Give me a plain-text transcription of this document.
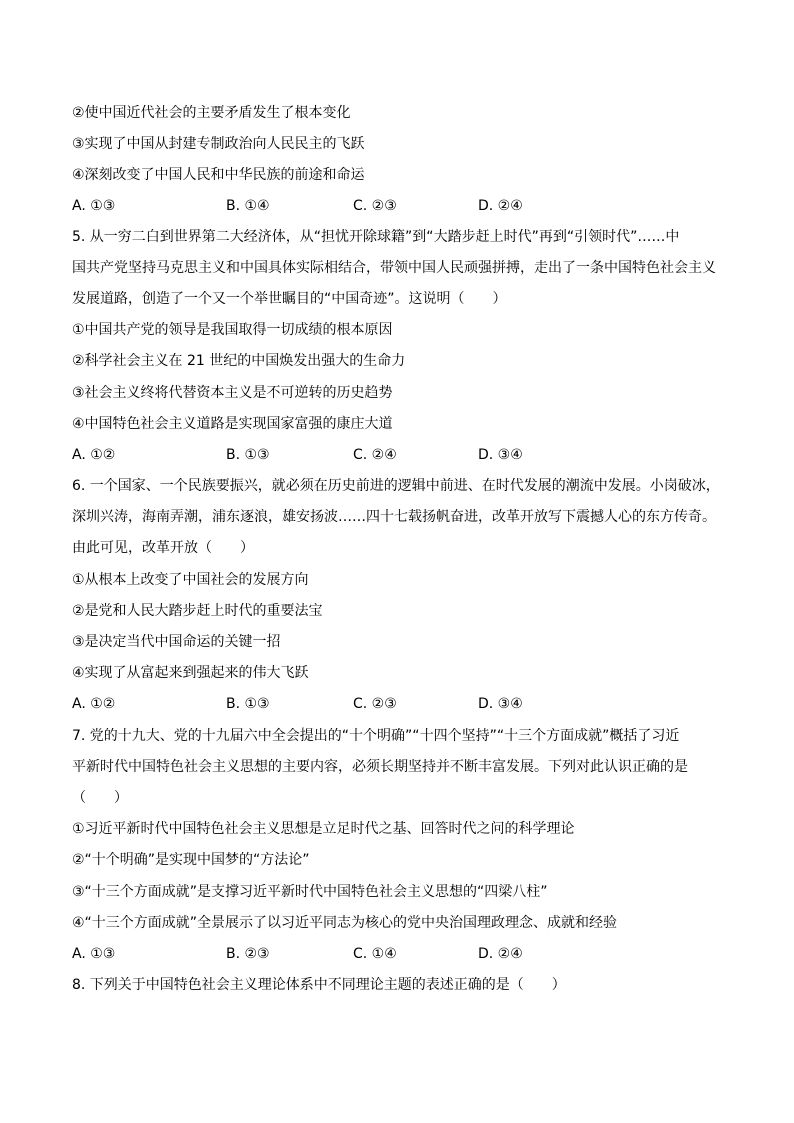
②使中国近代社会的主要矛盾发生了根本变化
③实现了中国从封建专制政治向人民民主的飞跃
④深刻改变了中国人民和中华民族的前途和命运
A. ①③	B. ①④	C. ②③	D. ②④
5. 从一穷二白到世界第二大经济体，从“担忧开除球籍”到“大踏步赶上时代”再到“引领时代”……中
国共产党坚持马克思主义和中国具体实际相结合，带领中国人民顽强拼搏，走出了一条中国特色社会主义
发展道路，创造了一个又一个举世瞩目的“中国奇迹”。这说明（　　）
①中国共产党的领导是我国取得一切成绩的根本原因
②科学社会主义在 21 世纪的中国焕发出强大的生命力
③社会主义终将代替资本主义是不可逆转的历史趋势
④中国特色社会主义道路是实现国家富强的康庄大道
A. ①②	B. ①③	C. ②④	D. ③④
6. 一个国家、一个民族要振兴，就必须在历史前进的逻辑中前进、在时代发展的潮流中发展。小岗破冰，
深圳兴涛，海南弄潮，浦东逐浪，雄安扬波……四十七载扬帆奋进，改革开放写下震撼人心的东方传奇。
由此可见，改革开放（　　）
①从根本上改变了中国社会的发展方向
②是党和人民大踏步赶上时代的重要法宝
③是决定当代中国命运的关键一招
④实现了从富起来到强起来的伟大飞跃
A. ①②	B. ①③	C. ②③	D. ③④
7. 党的十九大、党的十九届六中全会提出的“十个明确”“十四个坚持”“十三个方面成就”概括了习近
平新时代中国特色社会主义思想的主要内容，必须长期坚持并不断丰富发展。下列对此认识正确的是
（　　）
①习近平新时代中国特色社会主义思想是立足时代之基、回答时代之问的科学理论
②“十个明确”是实现中国梦的“方法论”
③“十三个方面成就”是支撑习近平新时代中国特色社会主义思想的“四梁八柱”
④“十三个方面成就”全景展示了以习近平同志为核心的党中央治国理政理念、成就和经验
A. ①③	B. ②③	C. ①④	D. ②④
8. 下列关于中国特色社会主义理论体系中不同理论主题的表述正确的是（　　）
